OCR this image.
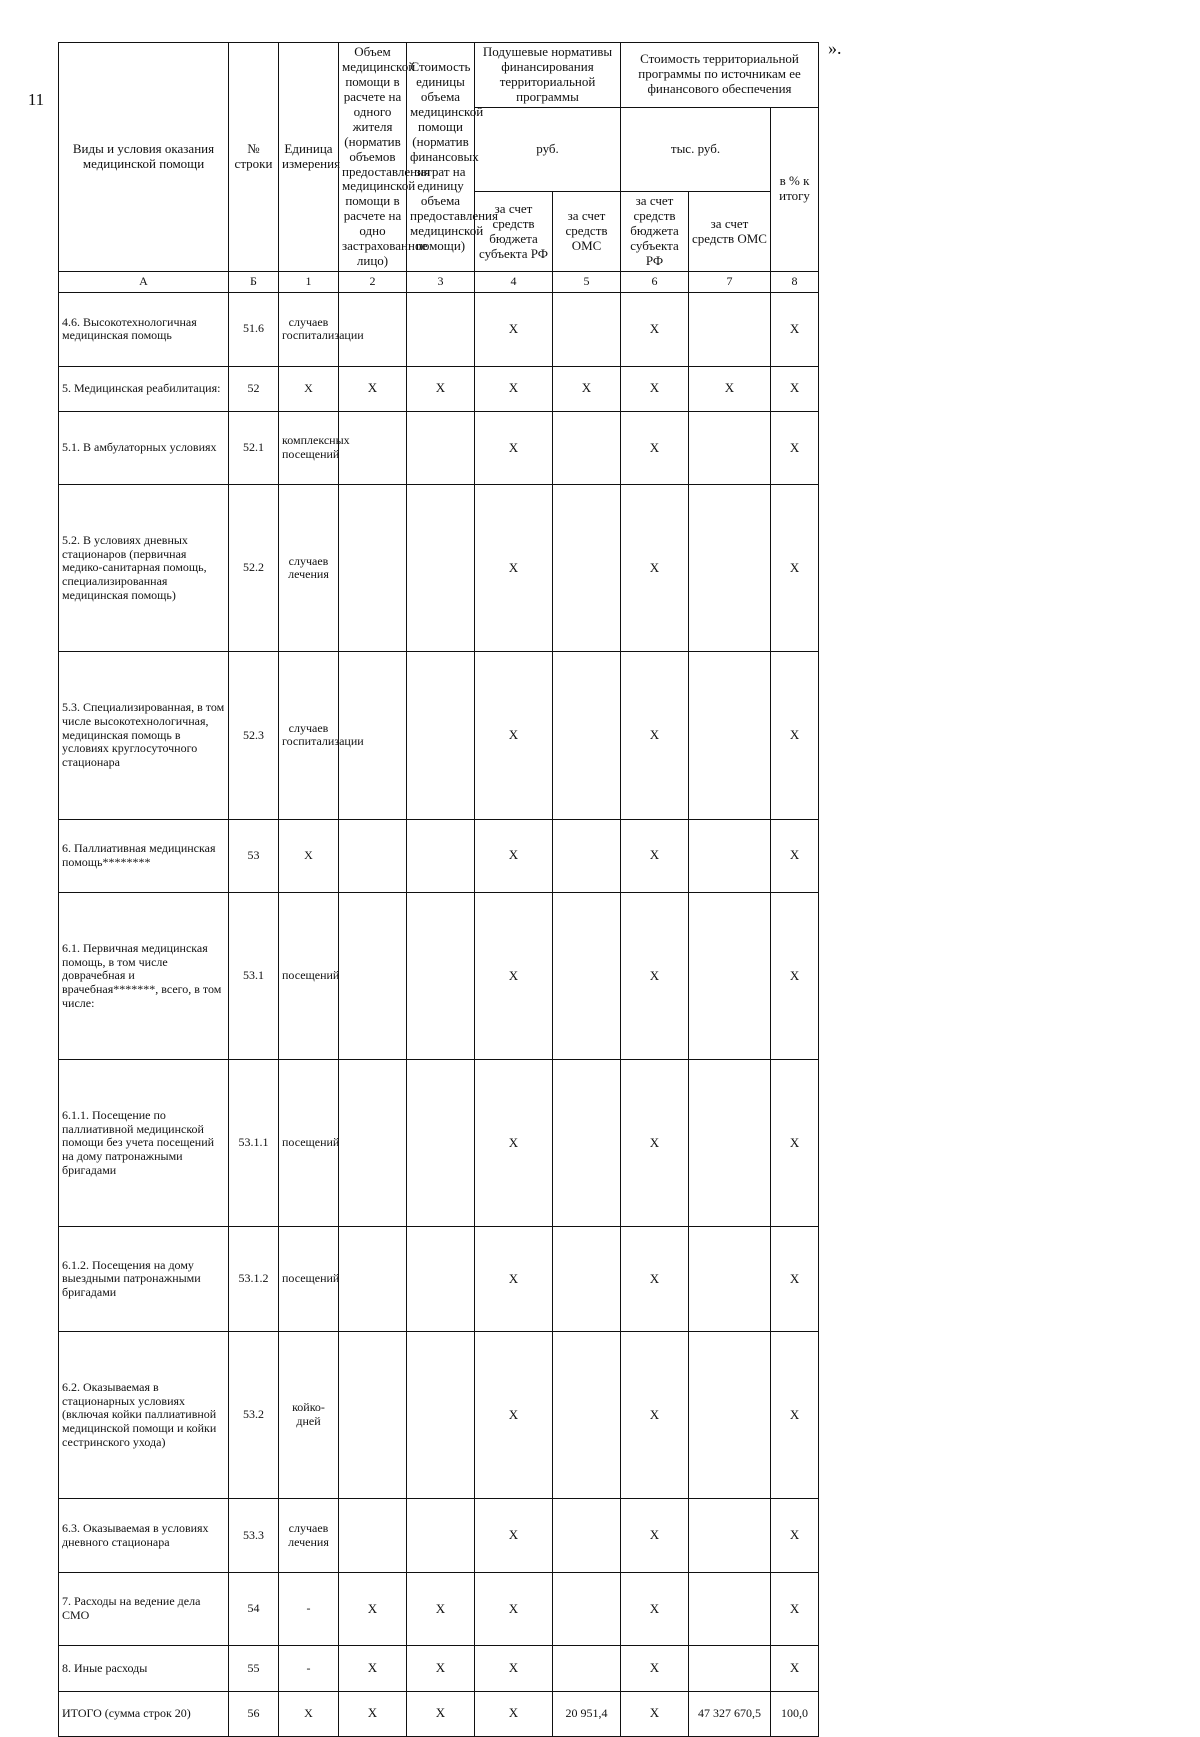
11
».
Виды и условия оказания медицинской помощи	№ строки	Единица измерения	Объем медицинской помощи в расчете на одного жителя (норматив объемов предоставления медицинской помощи в расчете на одно застрахованное лицо)	Стоимость единицы объема медицинской помощи (норматив финансовых затрат на единицу объема предоставления медицинской помощи)	Подушевые нормативы финансирования территориальной программы		Стоимость территориальной программы по источникам ее финансового обеспечения		
					руб.		тыс. руб.		в % к итогу
					за счет средств бюджета субъекта РФ	за счет средств ОМС	за счет средств бюджета субъекта РФ	за счет средств ОМС	
А	Б	1	2	3	4	5	6	7	8
4.6. Высокотехнологичная медицинская помощь	51.6	случаев госпитализации			Х		Х		Х
5. Медицинская реабилитация:	52	Х	Х	Х	Х	Х	Х	Х	Х
5.1. В амбулаторных условиях	52.1	комплексных посещений			Х		Х		Х
5.2. В условиях дневных стационаров (первичная медико-санитарная помощь, специализированная медицинская помощь)	52.2	случаев лечения			Х		Х		Х
5.3. Специализированная, в том числе высокотехнологичная, медицинская помощь в условиях круглосуточного стационара	52.3	случаев госпитализации			Х		Х		Х
6. Паллиативная медицинская помощь********	53	Х			Х		Х		Х
6.1. Первичная медицинская помощь, в том числе доврачебная и врачебная*******, всего, в том числе:	53.1	посещений			Х		Х		Х
6.1.1. Посещение по паллиативной медицинской помощи без учета посещений на дому патронажными бригадами	53.1.1	посещений			Х		Х		Х
6.1.2. Посещения на дому выездными патронажными бригадами	53.1.2	посещений			Х		Х		Х
6.2. Оказываемая в стационарных условиях (включая койки паллиативной медицинской помощи и койки сестринского ухода)	53.2	койко-дней			Х		Х		Х
6.3. Оказываемая в условиях дневного стационара	53.3	случаев лечения			Х		Х		Х
7. Расходы на ведение дела СМО	54	-	Х	Х	Х		Х		Х
8. Иные расходы	55	-	Х	Х	Х		Х		Х
ИТОГО (сумма строк 20)	56	Х	Х	Х	Х	20 951,4	Х	47 327 670,5	100,0
